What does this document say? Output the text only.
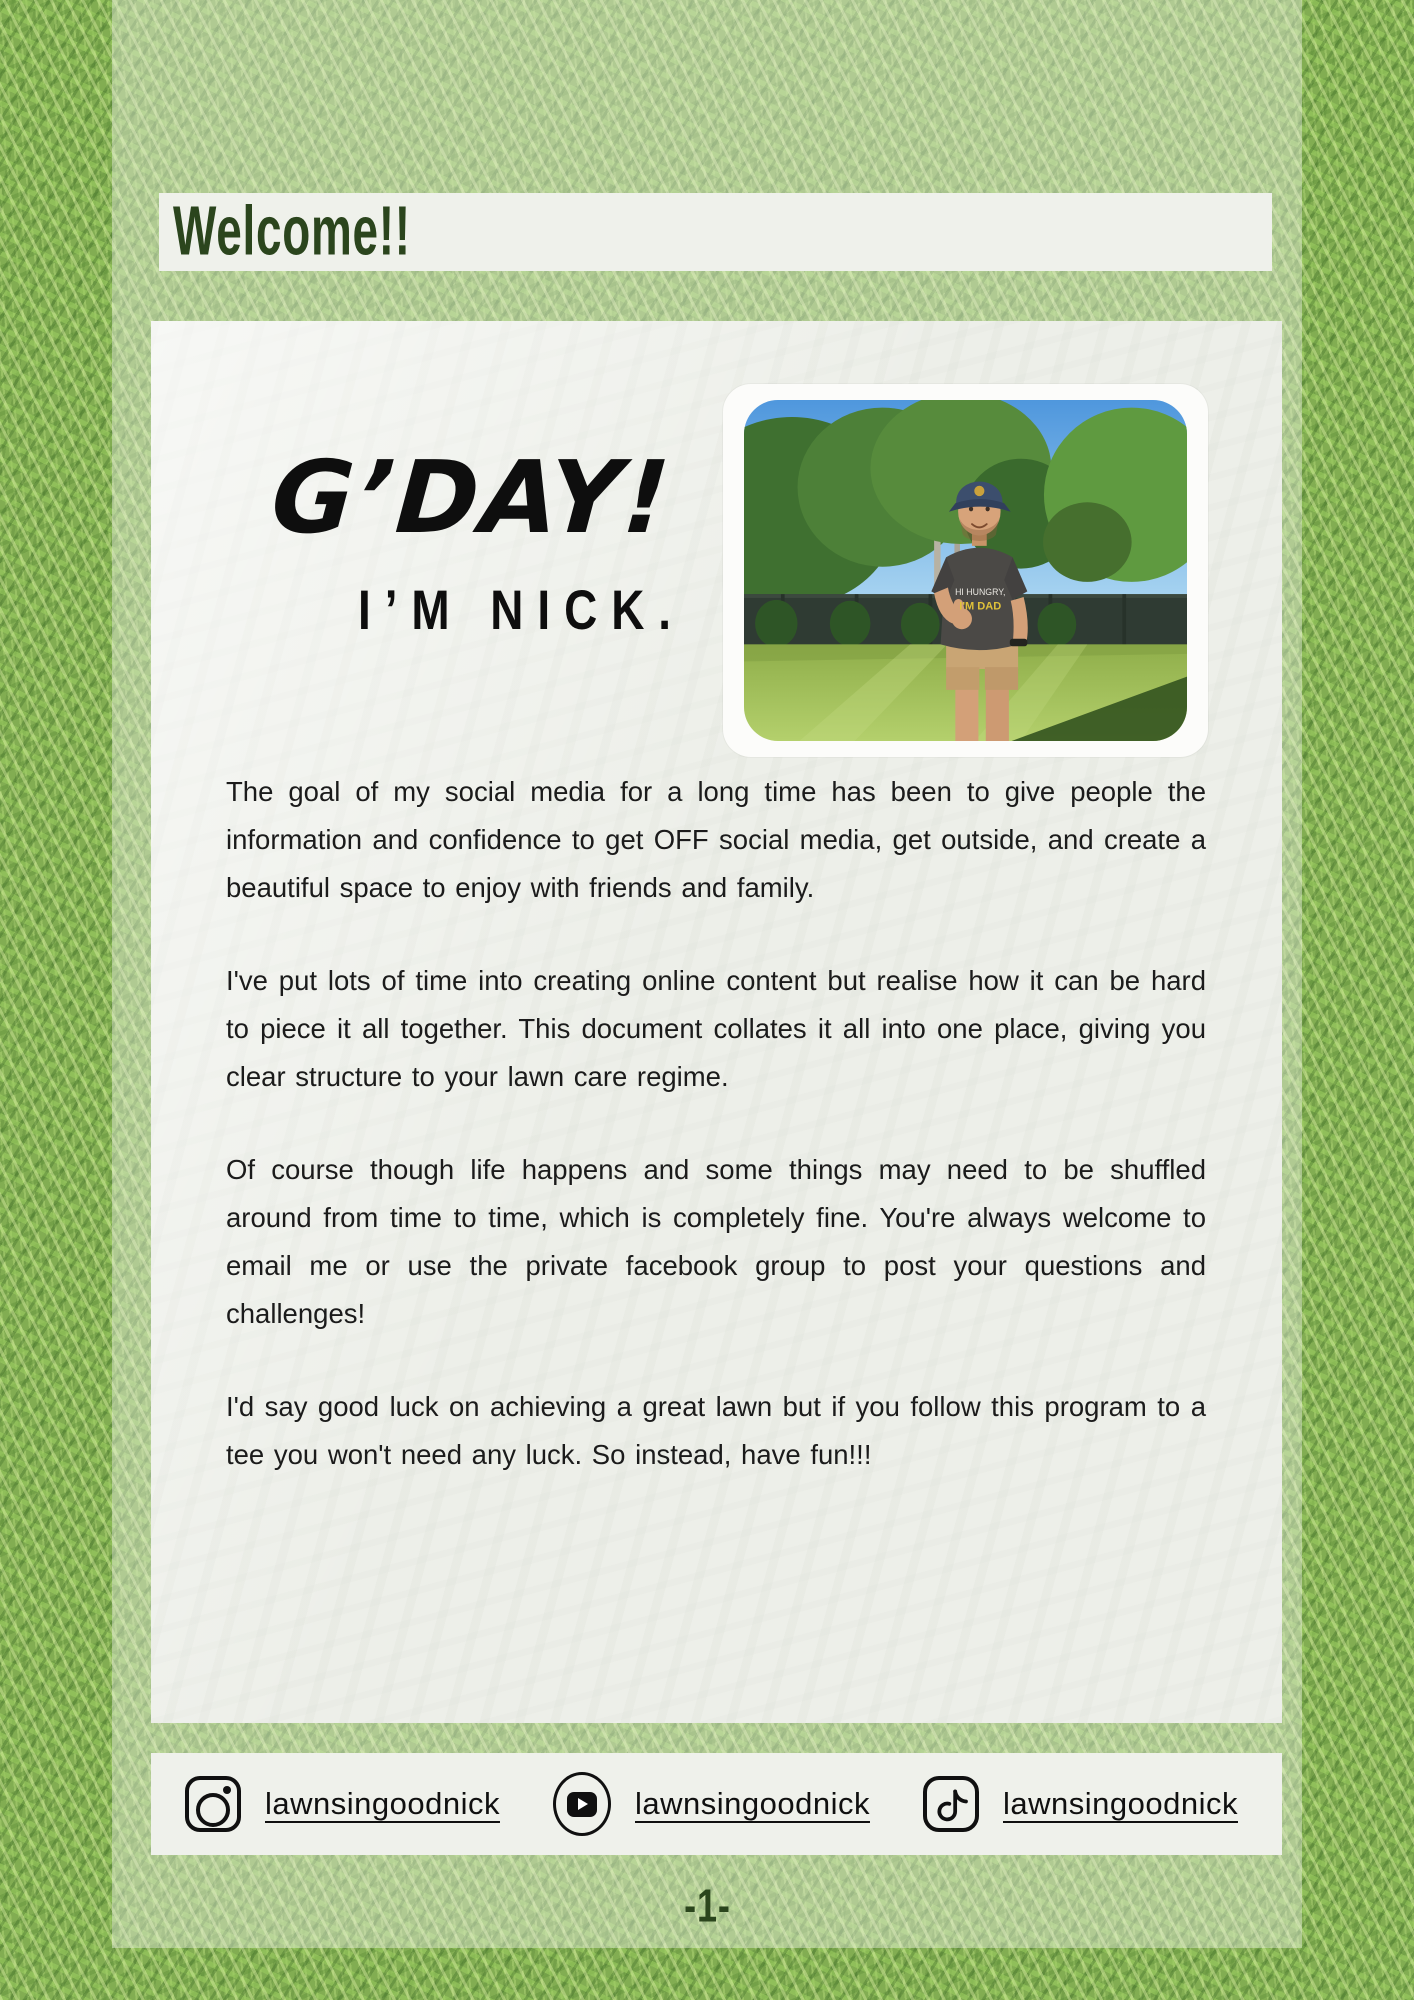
Welcome!!
G’DAY!
I’M NICK.	HI HUNGRY,
I'M DAD

The goal of my social media for a long time has been to give people the information and confidence to get OFF social media, get outside, and create a beautiful space to enjoy with friends and family.

I've put lots of time into creating online content but realise how it can be hard to piece it all together. This document collates it all into one place, giving you clear structure to your lawn care regime.

Of course though life happens and some things may need to be shuffled around from time to time, which is completely fine. You're always welcome to email me or use the private facebook group to post your questions and challenges!

I'd say good luck on achieving a great lawn but if you follow this program to a tee you won't need any luck. So instead, have fun!!!

lawnsingoodnick	lawnsingoodnick	lawnsingoodnick
-1-
